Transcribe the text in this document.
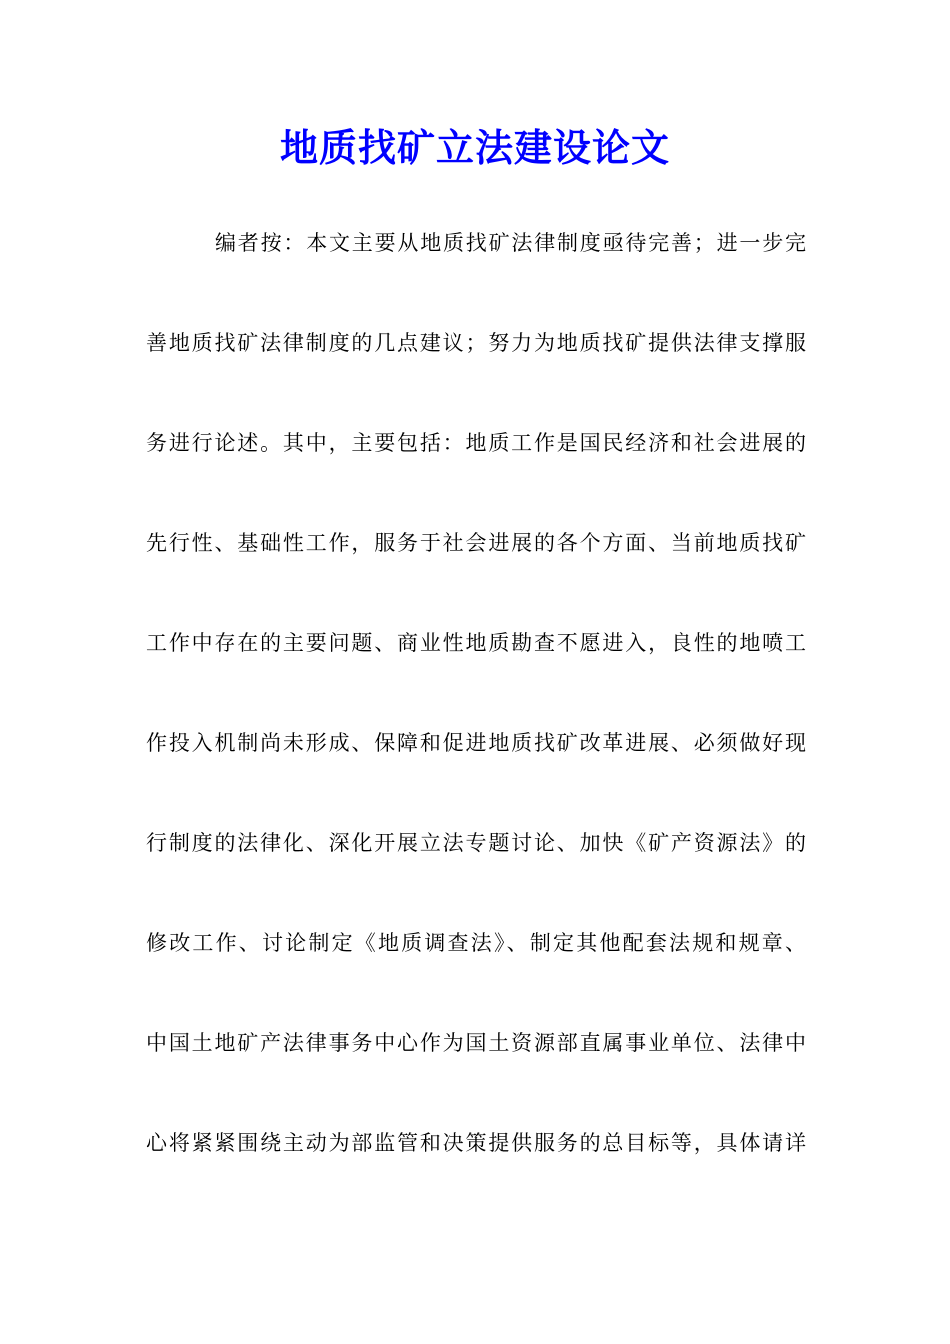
地质找矿立法建设论文
编者按：本文主要从地质找矿法律制度亟待完善；进一步完
善地质找矿法律制度的几点建议；努力为地质找矿提供法律支撑服
务进行论述。其中，主要包括：地质工作是国民经济和社会进展的
先行性、基础性工作，服务于社会进展的各个方面、当前地质找矿
工作中存在的主要问题、商业性地质勘查不愿进入，良性的地喷工
作投入机制尚未形成、保障和促进地质找矿改革进展、必须做好现
行制度的法律化、深化开展立法专题讨论、加快《矿产资源法》的
修改工作、讨论制定《地质调查法》、制定其他配套法规和规章、
中国土地矿产法律事务中心作为国土资源部直属事业单位、法律中
心将紧紧围绕主动为部监管和决策提供服务的总目标等，具体请详
